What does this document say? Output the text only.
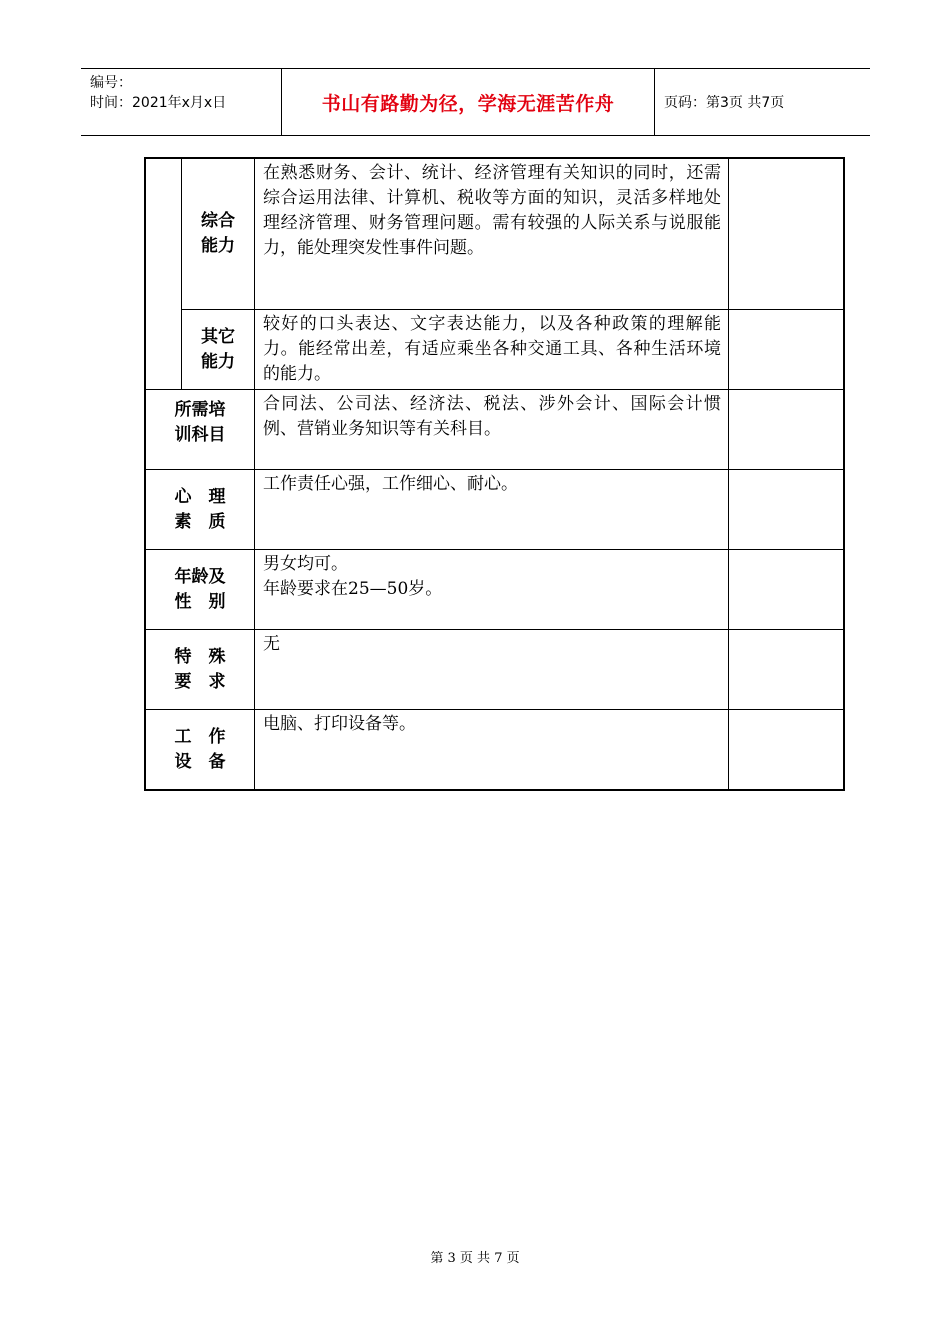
编号：
时间：2021年x月x日	书山有路勤为径，学海无涯苦作舟	页码：第3页 共7页
综合
能力
在熟悉财务、会计、统计、经济管理有关知识的同时，还需综合运用法律、计算机、税收等方面的知识，灵活多样地处理经济管理、财务管理问题。需有较强的人际关系与说服能力，能处理突发性事件问题。
其它
能力
较好的口头表达、文字表达能力，以及各种政策的理解能力。能经常出差，有适应乘坐各种交通工具、各种生活环境的能力。
所需培
训科目
合同法、公司法、经济法、税法、涉外会计、国际会计惯例、营销业务知识等有关科目。
心　理
素　质
工作责任心强，工作细心、耐心。
年龄及
性　别
男女均可。
年龄要求在25—50岁。
特　殊
要　求
无
工　作
设　备
电脑、打印设备等。
第 3 页 共 7 页
